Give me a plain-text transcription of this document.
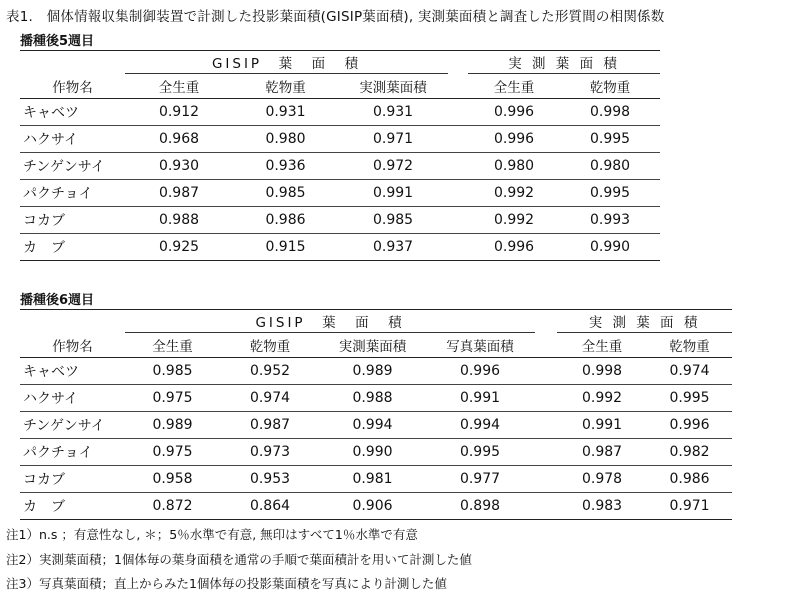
表1.　個体情報収集制御装置で計測した投影葉面積(GISIP葉面積), 実測葉面積と調査した形質間の相関係数
播種後5週目
	GISIP　葉　面　積				実 測 葉 面 積	
作物名	全生重	乾物重	実測葉面積		全生重	乾物重
キャベツ	0.912	0.931	0.931		0.996	0.998
ハクサイ	0.968	0.980	0.971		0.996	0.995
チンゲンサイ	0.930	0.936	0.972		0.980	0.980
パクチョイ	0.987	0.985	0.991		0.992	0.995
コカブ	0.988	0.986	0.985		0.992	0.993
カ　ブ	0.925	0.915	0.937		0.996	0.990
播種後6週目
	GISIP　葉　面　積					実 測 葉 面 積	
作物名	全生重	乾物重	実測葉面積	写真葉面積		全生重	乾物重
キャベツ	0.985	0.952	0.989	0.996		0.998	0.974
ハクサイ	0.975	0.974	0.988	0.991		0.992	0.995
チンゲンサイ	0.989	0.987	0.994	0.994		0.991	0.996
パクチョイ	0.975	0.973	0.990	0.995		0.987	0.982
コカブ	0.958	0.953	0.981	0.977		0.978	0.986
カ　ブ	0.872	0.864	0.906	0.898		0.983	0.971
注1）n.s ；有意性なし, ＊；5％水準で有意, 無印はすべて1％水準で有意
注2）実測葉面積；1個体毎の葉身面積を通常の手順で葉面積計を用いて計測した値
注3）写真葉面積；直上からみた1個体毎の投影葉面積を写真により計測した値
